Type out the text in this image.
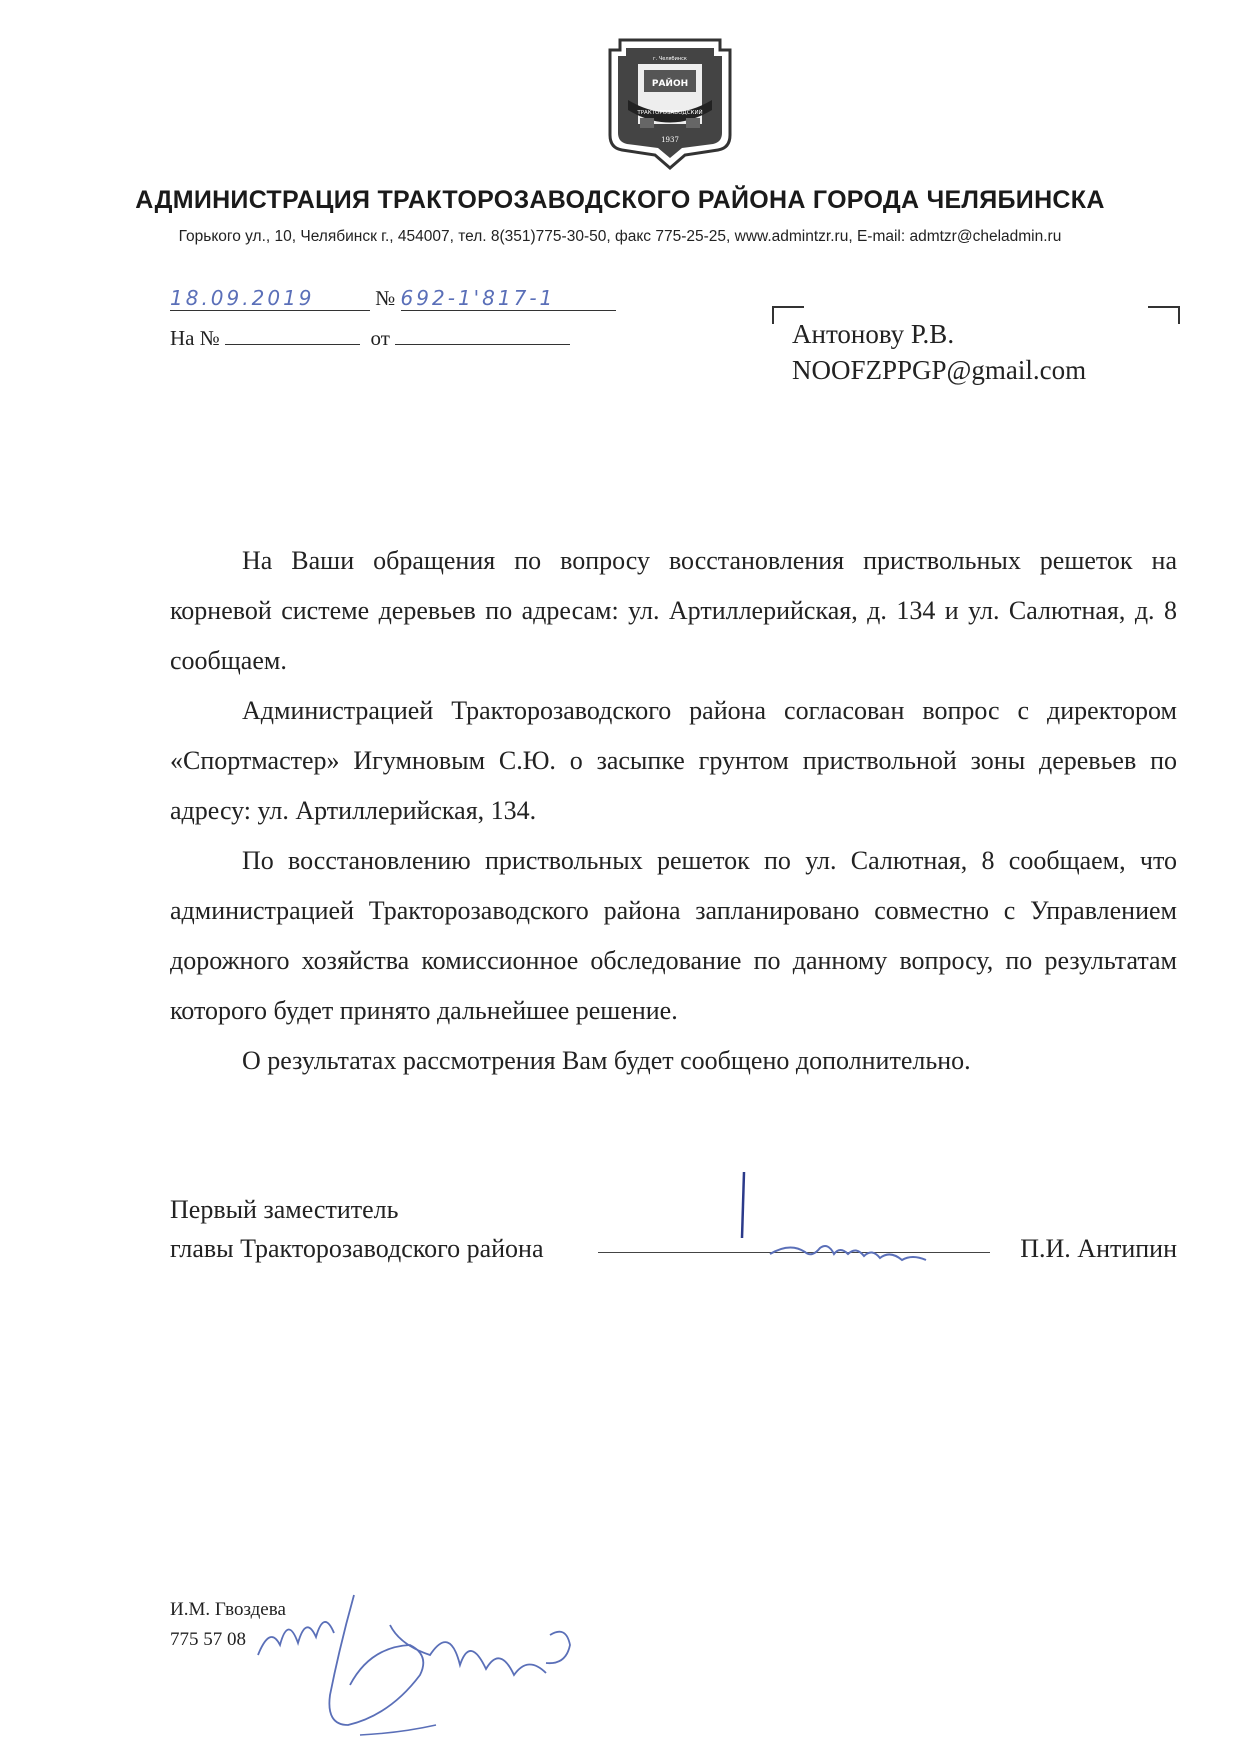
г. Челябинск
РАЙОН
ТРАКТОРОЗАВОДСКИЙ
1937
АДМИНИСТРАЦИЯ ТРАКТОРОЗАВОДСКОГО РАЙОНА ГОРОДА ЧЕЛЯБИНСКА
Горького ул., 10, Челябинск г., 454007, тел. 8(351)775-30-50, факс 775-25-25, www.admintzr.ru, E-mail: admtzr@cheladmin.ru
18.09.2019	№ 692-1'817-1
На №	от	Антонову Р.В.
NOOFZPPGP@gmail.com

На Ваши обращения по вопросу восстановления приствольных решеток на корневой системе деревьев по адресам: ул. Артиллерийская, д. 134 и ул. Салютная, д. 8 сообщаем.

Администрацией Тракторозаводского района согласован вопрос с директором «Спортмастер» Игумновым С.Ю. о засыпке грунтом приствольной зоны деревьев по адресу: ул. Артиллерийская, 134.

По восстановлению приствольных решеток по ул. Салютная, 8 сообщаем, что администрацией Тракторозаводского района запланировано совместно с Управлением дорожного хозяйства комиссионное обследование по данному вопросу, по результатам которого будет принято дальнейшее решение.

О результатах рассмотрения Вам будет сообщено дополнительно.

Первый заместитель
главы Тракторозаводского района	П.И. Антипин
И.М. Гвоздева
775 57 08
